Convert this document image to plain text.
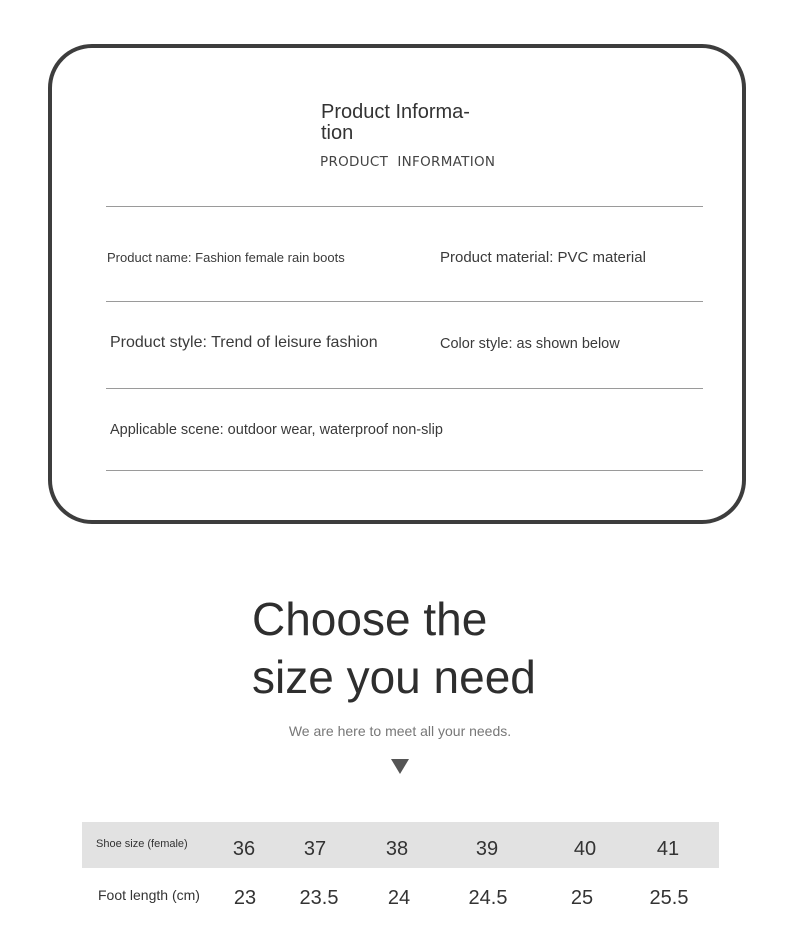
Product Informa-
tion
PRODUCT  INFORMATION
Product name: Fashion female rain boots	Product material: PVC material
Product style: Trend of leisure fashion	Color style: as shown below
Applicable scene: outdoor wear, waterproof non-slip
Choose the
size you need
We are here to meet all your needs.
Shoe size (female)	36	37	38	39	40	41
Foot length (cm)	23	23.5	24	24.5	25	25.5
